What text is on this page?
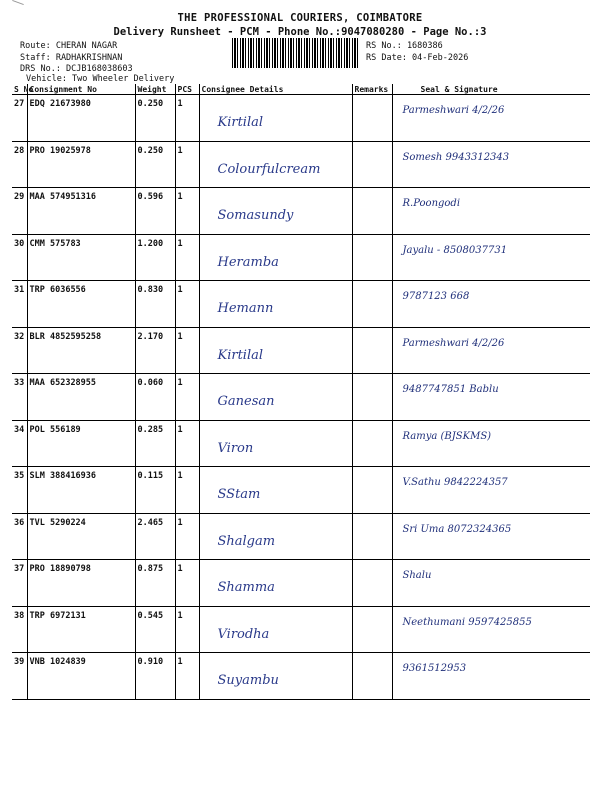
THE PROFESSIONAL COURIERS, COIMBATORE
Delivery Runsheet - PCM - Phone No.:9047080280 - Page No.:3
Route: CHERAN NAGAR
Staff: RADHAKRISHNAN
DRS No.: DCJB168038603
Vehicle: Two Wheeler Delivery
RS No.: 1680386
RS Date: 04-Feb-2026
S No	Consignment No	Weight	PCS	Consignee Details	Remarks	Seal & Signature
27	EDQ 21673980	0.250	1	Kirtilal		Parmeshwari 4/2/26

28	PRO 19025978	0.250	1	Colourfulcream		Somesh 9943312343

29	MAA 574951316	0.596	1	Somasundy		R.Poongodi

30	CMM 575783	1.200	1	Heramba		Jayalu - 8508037731

31	TRP 6036556	0.830	1	Hemann		9787123 668

32	BLR 4852595258	2.170	1	Kirtilal		Parmeshwari 4/2/26

33	MAA 652328955	0.060	1	Ganesan		9487747851 Bablu

34	POL 556189	0.285	1	Viron		Ramya (BJSKMS)

35	SLM 388416936	0.115	1	SStam		V.Sathu 9842224357

36	TVL 5290224	2.465	1	Shalgam		Sri Uma 8072324365

37	PRO 18890798	0.875	1	Shamma		Shalu

38	TRP 6972131	0.545	1	Virodha		Neethumani 9597425855

39	VNB 1024839	0.910	1	Suyambu		9361512953
